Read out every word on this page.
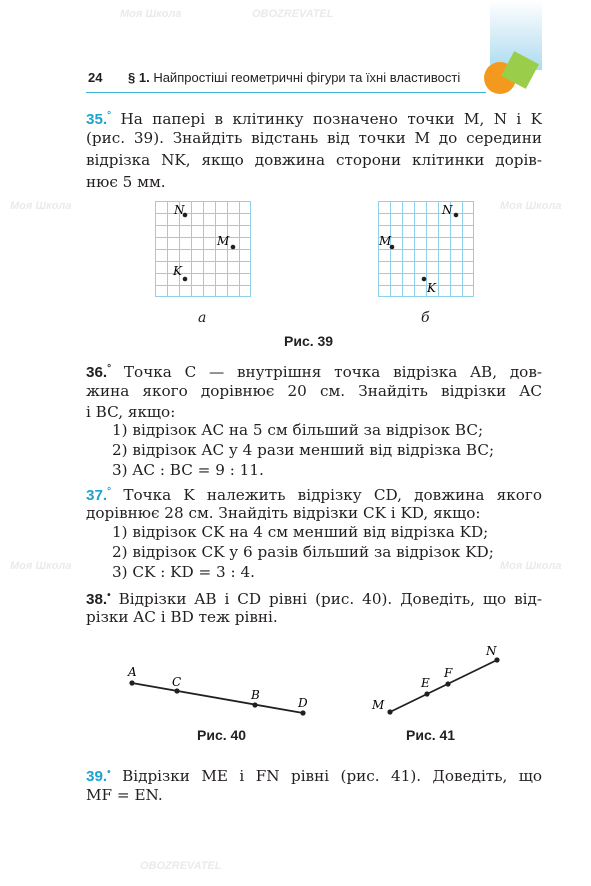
24 § 1. Найпростіші геометричні фігури та їхні властивості
Моя Школа	OBOZREVATEL
Моя Школа	Моя Школа
Моя Школа	Моя Школа
OBOZREVATEL
35.° На папері в клітинку позначено точки M, N і K
(рис. 39). Знайдіть відстань від точки M до середини
відрізка NK, якщо довжина сторони клітинки дорів-
нює 5 мм.
N
M
K
N
M
K
а	б
Рис. 39
36.° Точка C — внутрішня точка відрізка AB, дов-
жина якого дорівнює 20 см. Знайдіть відрізки AC
і BC, якщо:
1) відрізок AC на 5 см більший за відрізок BC;
2) відрізок AC у 4 рази менший від відрізка BC;
3) AC : BC = 9 : 11.
37.° Точка K належить відрізку CD, довжина якого
дорівнює 28 см. Знайдіть відрізки CK і KD, якщо:
1) відрізок CK на 4 см менший від відрізка KD;
2) відрізок CK у 6 разів більший за відрізок KD;
3) CK : KD = 3 : 4.
38.• Відрізки AB і CD рівні (рис. 40). Доведіть, що від-
різки AC і BD теж рівні.
A
C
B
D
Рис. 40
M
E
F
N
Рис. 41
39.• Відрізки ME і FN рівні (рис. 41). Доведіть, що
MF = EN.
